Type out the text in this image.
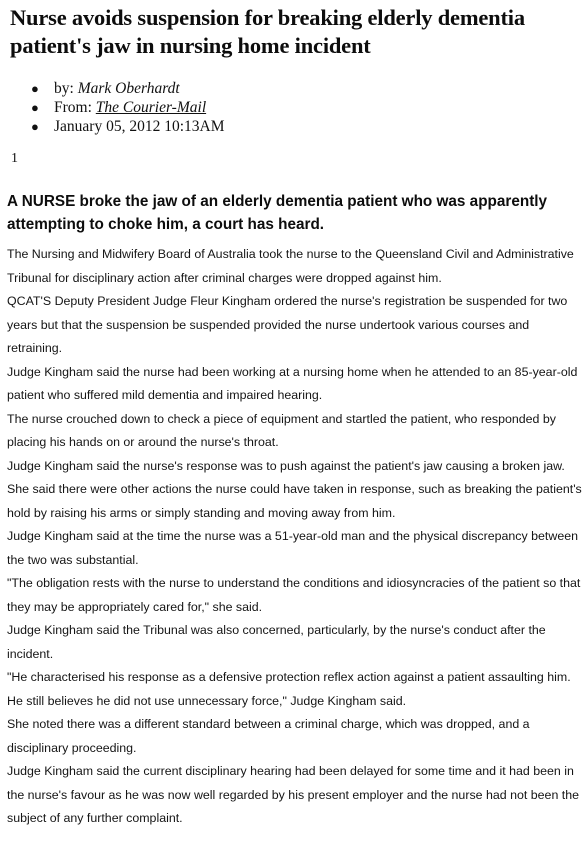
Nurse avoids suspension for breaking elderly dementia patient's jaw in nursing home incident
● by: Mark Oberhardt
● From: The Courier-Mail
● January 05, 2012 10:13AM
1

A NURSE broke the jaw of an elderly dementia patient who was apparently attempting to choke him, a court has heard.

The Nursing and Midwifery Board of Australia took the nurse to the Queensland Civil and Administrative Tribunal for disciplinary action after criminal charges were dropped against him.

QCAT'S Deputy President Judge Fleur Kingham ordered the nurse's registration be suspended for two years but that the suspension be suspended provided the nurse undertook various courses and retraining.

Judge Kingham said the nurse had been working at a nursing home when he attended to an 85-year-old patient who suffered mild dementia and impaired hearing.

The nurse crouched down to check a piece of equipment and startled the patient, who responded by placing his hands on or around the nurse's throat.

Judge Kingham said the nurse's response was to push against the patient's jaw causing a broken jaw.

She said there were other actions the nurse could have taken in response, such as breaking the patient's hold by raising his arms or simply standing and moving away from him.

Judge Kingham said at the time the nurse was a 51-year-old man and the physical discrepancy between the two was substantial.

"The obligation rests with the nurse to understand the conditions and idiosyncracies of the patient so that they may be appropriately cared for," she said.

Judge Kingham said the Tribunal was also concerned, particularly, by the nurse's conduct after the incident.

"He characterised his response as a defensive protection reflex action against a patient assaulting him. He still believes he did not use unnecessary force," Judge Kingham said.

She noted there was a different standard between a criminal charge, which was dropped, and a disciplinary proceeding.

Judge Kingham said the current disciplinary hearing had been delayed for some time and it had been in the nurse's favour as he was now well regarded by his present employer and the nurse had not been the subject of any further complaint.
